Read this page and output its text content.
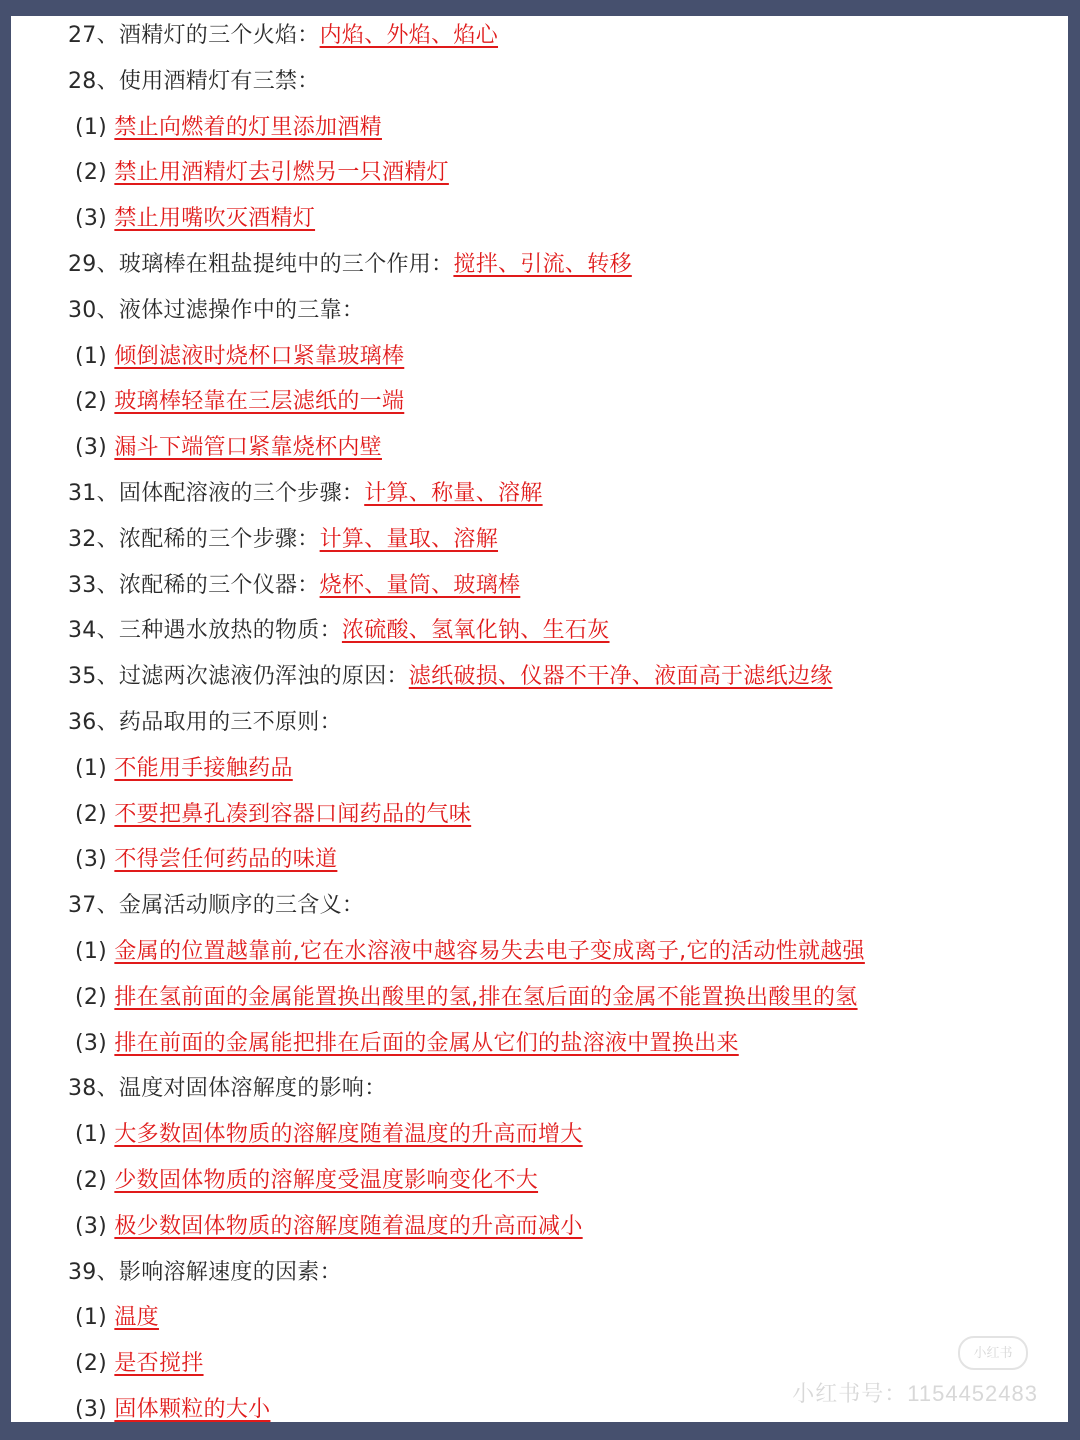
27、酒精灯的三个火焰：内焰、外焰、焰心
28、使用酒精灯有三禁：
(1) 禁止向燃着的灯里添加酒精
(2) 禁止用酒精灯去引燃另一只酒精灯
(3) 禁止用嘴吹灭酒精灯
29、玻璃棒在粗盐提纯中的三个作用：搅拌、引流、转移
30、液体过滤操作中的三靠：
(1) 倾倒滤液时烧杯口紧靠玻璃棒
(2) 玻璃棒轻靠在三层滤纸的一端
(3) 漏斗下端管口紧靠烧杯内壁
31、固体配溶液的三个步骤：计算、称量、溶解
32、浓配稀的三个步骤：计算、量取、溶解
33、浓配稀的三个仪器：烧杯、量筒、玻璃棒
34、三种遇水放热的物质：浓硫酸、氢氧化钠、生石灰
35、过滤两次滤液仍浑浊的原因：滤纸破损、仪器不干净、液面高于滤纸边缘
36、药品取用的三不原则：
(1) 不能用手接触药品
(2) 不要把鼻孔凑到容器口闻药品的气味
(3) 不得尝任何药品的味道
37、金属活动顺序的三含义：
(1) 金属的位置越靠前,它在水溶液中越容易失去电子变成离子,它的活动性就越强
(2) 排在氢前面的金属能置换出酸里的氢,排在氢后面的金属不能置换出酸里的氢
(3) 排在前面的金属能把排在后面的金属从它们的盐溶液中置换出来
38、温度对固体溶解度的影响：
(1) 大多数固体物质的溶解度随着温度的升高而增大
(2) 少数固体物质的溶解度受温度影响变化不大
(3) 极少数固体物质的溶解度随着温度的升高而减小
39、影响溶解速度的因素：
(1) 温度
(2) 是否搅拌
(3) 固体颗粒的大小
小红书
小红书号：1154452483
